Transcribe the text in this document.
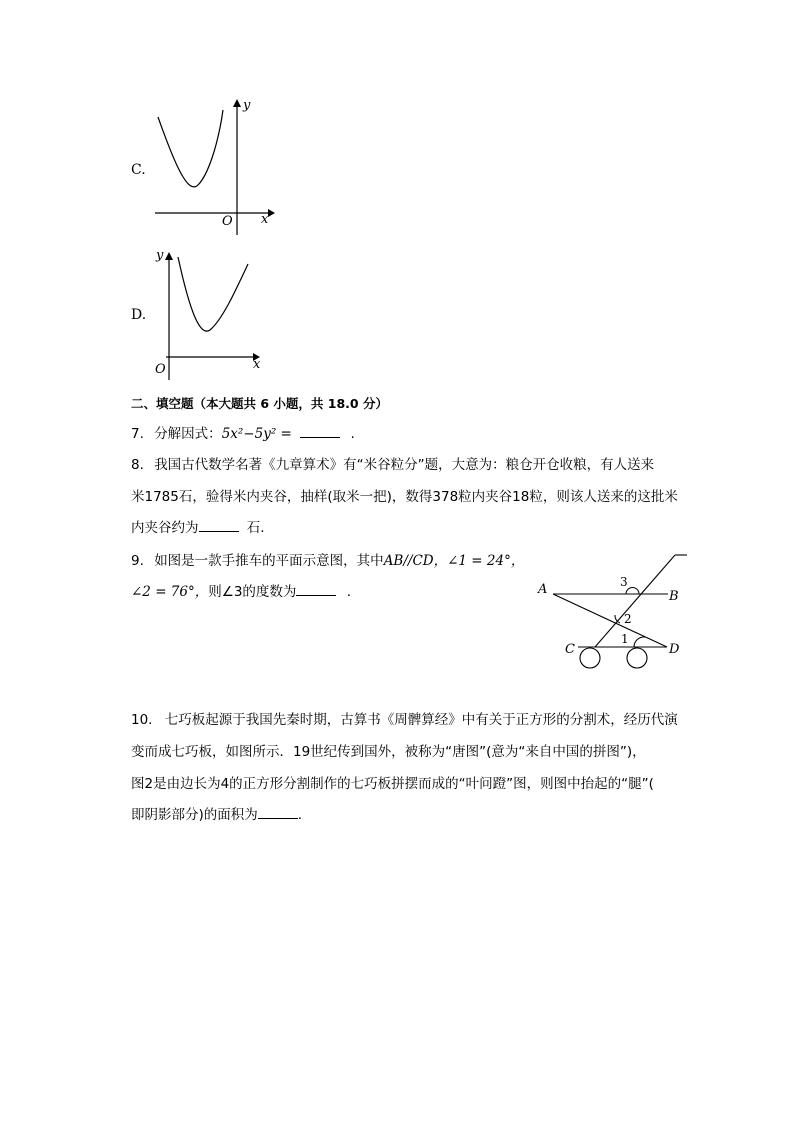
C.
y
x
O
D.
y
x
O
二、填空题（本大题共 6 小题，共 18.0 分）
7. 分解因式：5x²−5y² =	.
8. 我国古代数学名著《九章算术》有“米谷粒分”题，大意为：粮仓开仓收粮，有人送来
米1785石，验得米内夹谷，抽样(取米一把)，数得378粒内夹谷18粒，则该人送来的这批米
内夹谷约为	石.
9. 如图是一款手推车的平面示意图，其中AB//CD，∠1 = 24°，
∠2 = 76°，则∠3的度数为	.	A	B
C	D
3
2
1
10. 七巧板起源于我国先秦时期，古算书《周髀算经》中有关于正方形的分割术，经历代演
变而成七巧板，如图所示．19世纪传到国外，被称为“唐图”(意为“来自中国的拼图”)，
图2是由边长为4的正方形分割制作的七巧板拼摆而成的“叶问蹬”图，则图中抬起的“腿”(
即阴影部分)的面积为	.
